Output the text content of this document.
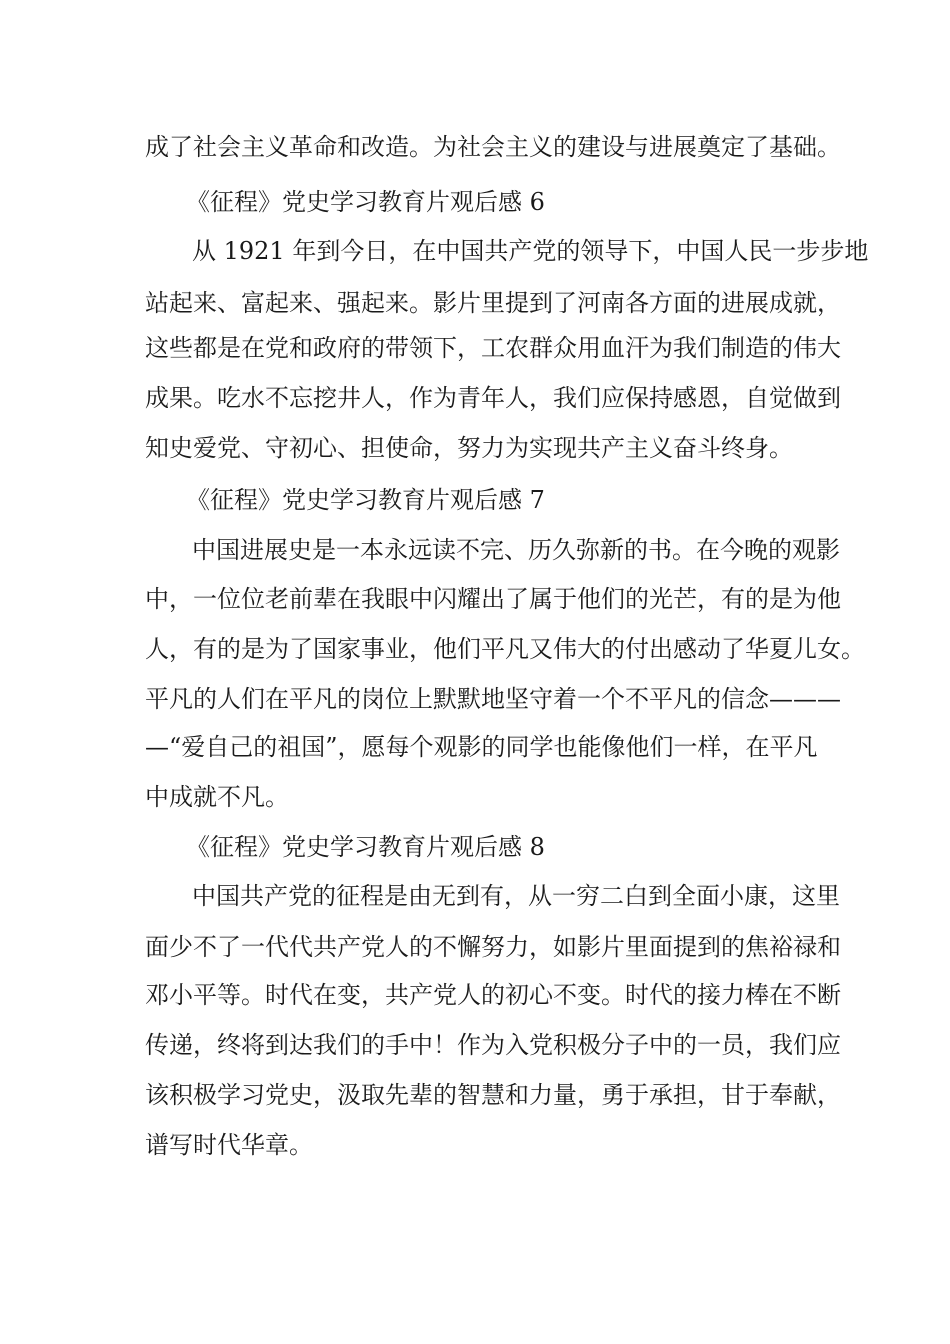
成了社会主义革命和改造。为社会主义的建设与进展奠定了基础。
《征程》党史学习教育片观后感 6
从 1921 年到今日，在中国共产党的领导下，中国人民一步步地
站起来、富起来、强起来。影片里提到了河南各方面的进展成就，
这些都是在党和政府的带领下，工农群众用血汗为我们制造的伟大
成果。吃水不忘挖井人，作为青年人，我们应保持感恩，自觉做到
知史爱党、守初心、担使命，努力为实现共产主义奋斗终身。
《征程》党史学习教育片观后感 7
中国进展史是一本永远读不完、历久弥新的书。在今晚的观影
中，一位位老前辈在我眼中闪耀出了属于他们的光芒，有的是为他
人，有的是为了国家事业，他们平凡又伟大的付出感动了华夏儿女。
平凡的人们在平凡的岗位上默默地坚守着一个不平凡的信念———
—“爱自己的祖国”，愿每个观影的同学也能像他们一样，在平凡
中成就不凡。
《征程》党史学习教育片观后感 8
中国共产党的征程是由无到有，从一穷二白到全面小康，这里
面少不了一代代共产党人的不懈努力，如影片里面提到的焦裕禄和
邓小平等。时代在变，共产党人的初心不变。时代的接力棒在不断
传递，终将到达我们的手中！作为入党积极分子中的一员，我们应
该积极学习党史，汲取先辈的智慧和力量，勇于承担，甘于奉献，
谱写时代华章。
